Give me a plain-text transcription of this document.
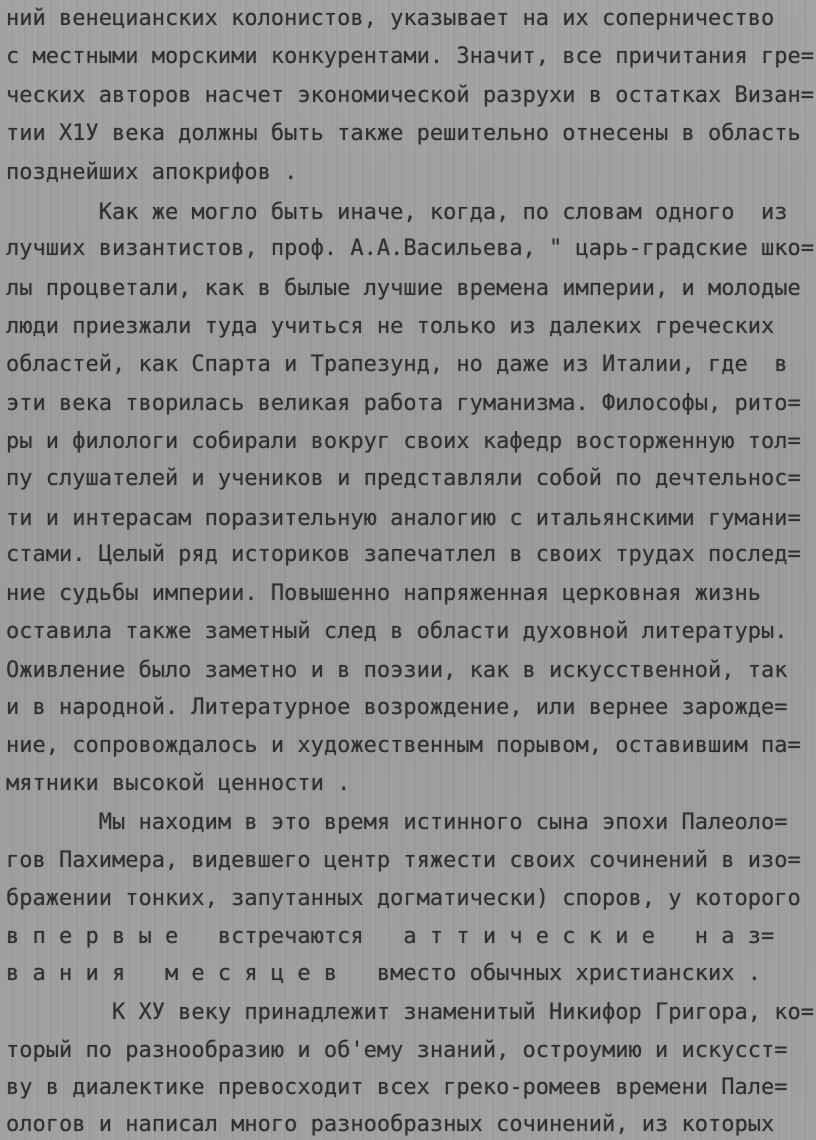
ний венецианских колонистов, указывает на их соперничество
с местными морскими конкурентами. Значит, все причитания гре=
ческих авторов насчет экономической разрухи в остатках Визан=
тии Х1У века должны быть также решительно отнесены в область
позднейших апокрифов .
Как же могло быть иначе, когда, по словам одного  из
лучших византистов, проф. А.А.Васильева, " царь-градские шко=
лы процветали, как в былые лучшие времена империи, и молодые
люди приезжали туда учиться не только из далеких греческих
областей, как Спарта и Трапезунд, но даже из Италии, где  в
эти века творилась великая работа гуманизма. Философы, рито=
ры и филологи собирали вокруг своих кафедр восторженную тол=
пу слушателей и учеников и представляли собой по дечтельнос=
ти и интерасам поразительную аналогию с итальянскими гумани=
стами. Целый ряд историков запечатлел в своих трудах послед=
ние судьбы империи. Повышенно напряженная церковная жизнь
оставила также заметный след в области духовной литературы.
Оживление было заметно и в поэзии, как в искусственной, так
и в народной. Литературное возрождение, или вернее зарожде=
ние, сопровождалось и художественным порывом, оставившим па=
мятники высокой ценности .
Мы находим в это время истинного сына эпохи Палеоло=
гов Пахимера, видевшего центр тяжести своих сочинений в изо=
бражении тонких, запутанных догматически) споров, у которого
в п е р в ы е   встречаются   а т т и ч е с к и е   н а з=
в а н и я   м е с я ц е в   вместо обычных христианских .
К ХУ веку принадлежит знаменитый Никифор Григора, ко=
торый по разнообразию и об'ему знаний, остроумию и искусст=
ву в диалектике превосходит всех греко-ромеев времени Пале=
ологов и написал много разнообразных сочинений, из которых
